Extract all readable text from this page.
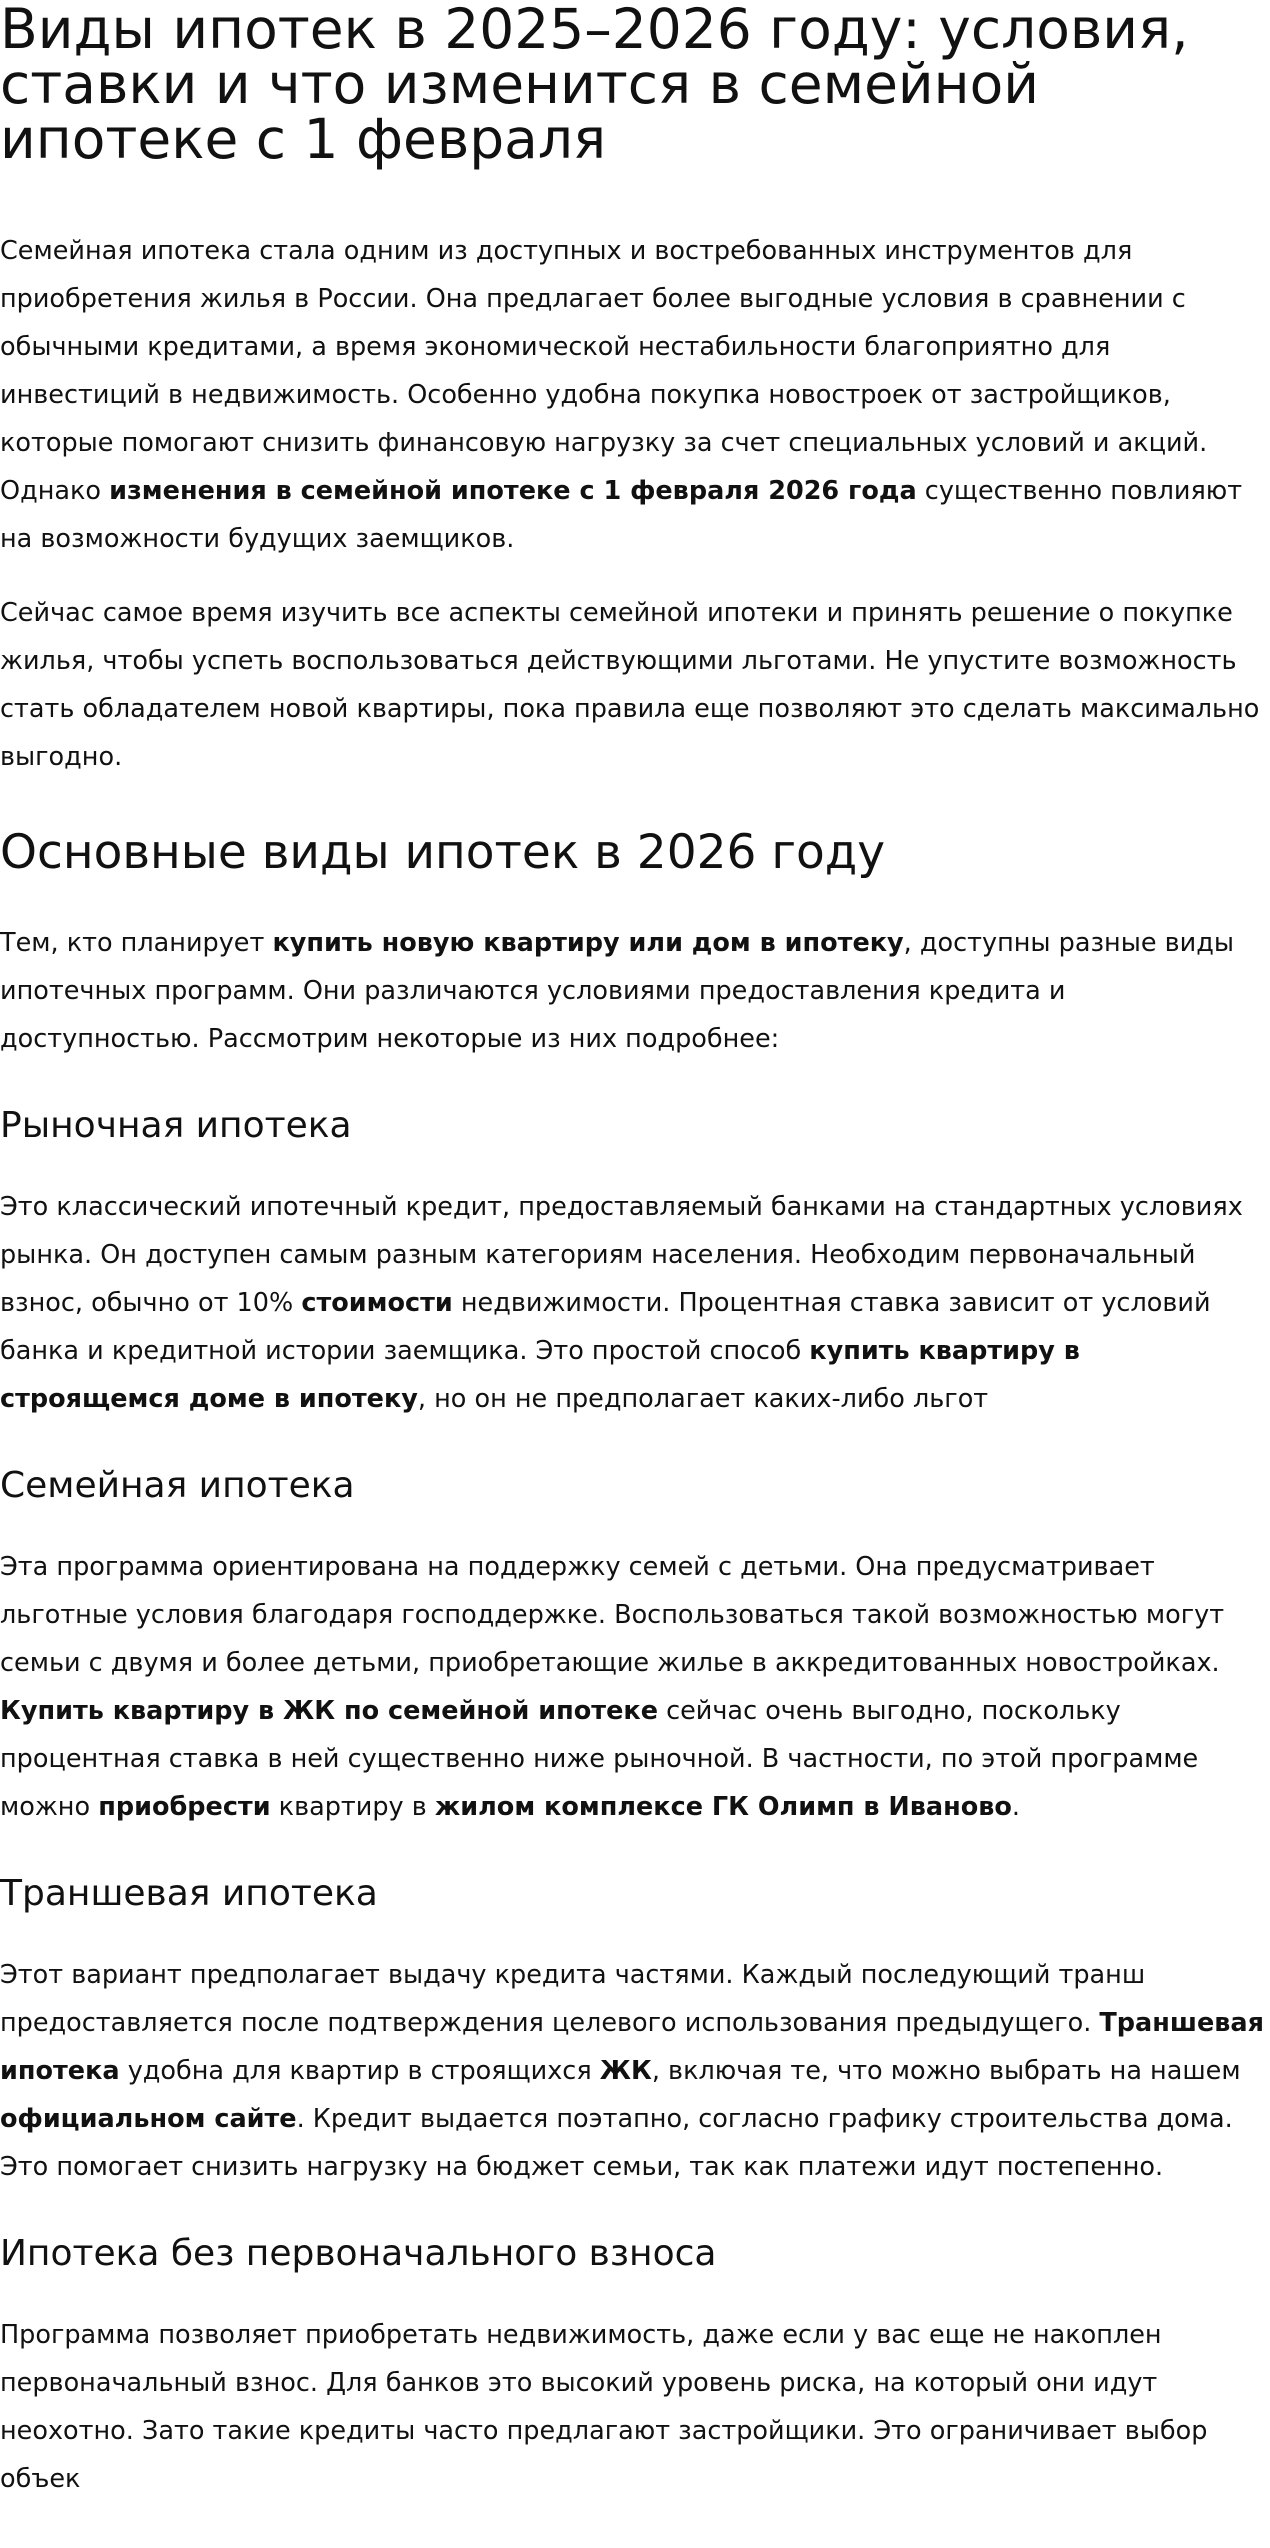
Виды ипотек в 2025–2026 году: условия, ставки и что изменится в семейной ипотеке с 1 февраля

Семейная ипотека стала одним из доступных и востребованных инструментов для приобретения жилья в России. Она предлагает более выгодные условия в сравнении с обычными кредитами, а время экономической нестабильности благоприятно для инвестиций в недвижимость. Особенно удобна покупка новостроек от застройщиков, которые помогают снизить финансовую нагрузку за счет специальных условий и акций. Однако изменения в семейной ипотеке с 1 февраля 2026 года существенно повлияют на возможности будущих заемщиков.

Сейчас самое время изучить все аспекты семейной ипотеки и принять решение о покупке жилья, чтобы успеть воспользоваться действующими льготами. Не упустите возможность стать обладателем новой квартиры, пока правила еще позволяют это сделать максимально выгодно.

Основные виды ипотек в 2026 году

Тем, кто планирует купить новую квартиру или дом в ипотеку, доступны разные виды ипотечных программ. Они различаются условиями предоставления кредита и доступностью. Рассмотрим некоторые из них подробнее:

Рыночная ипотека

Это классический ипотечный кредит, предоставляемый банками на стандартных условиях рынка. Он доступен самым разным категориям населения. Необходим первоначальный взнос, обычно от 10% стоимости недвижимости. Процентная ставка зависит от условий банка и кредитной истории заемщика. Это простой способ купить квартиру в строящемся доме в ипотеку, но он не предполагает каких-либо льгот

Семейная ипотека

Эта программа ориентирована на поддержку семей с детьми. Она предусматривает льготные условия благодаря господдержке. Воспользоваться такой возможностью могут семьи с двумя и более детьми, приобретающие жилье в аккредитованных новостройках. Купить квартиру в ЖК по семейной ипотеке сейчас очень выгодно, поскольку процентная ставка в ней существенно ниже рыночной. В частности, по этой программе можно приобрести квартиру в жилом комплексе ГК Олимп в Иваново.

Траншевая ипотека

Этот вариант предполагает выдачу кредита частями. Каждый последующий транш предоставляется после подтверждения целевого использования предыдущего. Траншевая ипотека удобна для квартир в строящихся ЖК, включая те, что можно выбрать на нашем официальном сайте. Кредит выдается поэтапно, согласно графику строительства дома. Это помогает снизить нагрузку на бюджет семьи, так как платежи идут постепенно.

Ипотека без первоначального взноса

Программа позволяет приобретать недвижимость, даже если у вас еще не накоплен первоначальный взнос. Для банков это высокий уровень риска, на который они идут неохотно. Зато такие кредиты часто предлагают застройщики. Это ограничивает выбор объек
